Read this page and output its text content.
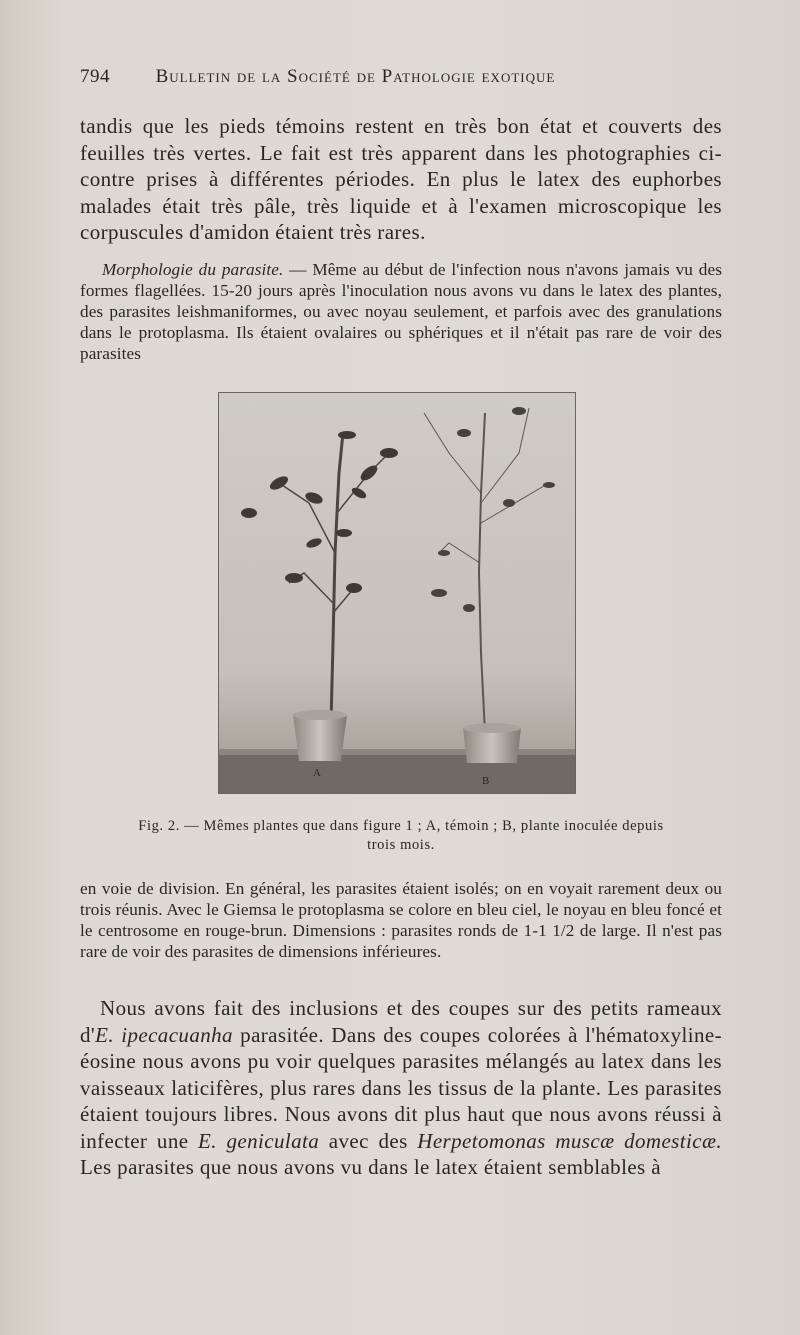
794 Bulletin de la Société de Pathologie exotique

tandis que les pieds témoins restent en très bon état et couverts des feuilles très vertes. Le fait est très apparent dans les photographies ci-contre prises à différentes périodes. En plus le latex des euphorbes malades était très pâle, très liquide et à l'examen microscopique les corpuscules d'amidon étaient très rares.

Morphologie du parasite. — Même au début de l'infection nous n'avons jamais vu des formes flagellées. 15-20 jours après l'inoculation nous avons vu dans le latex des plantes, des parasites leishmaniformes, ou avec noyau seulement, et parfois avec des granulations dans le protoplasma. Ils étaient ovalaires ou sphériques et il n'était pas rare de voir des parasites

A
B
Fig. 2. — Mêmes plantes que dans figure 1 ; A, témoin ; B, plante inoculée depuis
trois mois.

en voie de division. En général, les parasites étaient isolés; on en voyait rarement deux ou trois réunis. Avec le Giemsa le protoplasma se colore en bleu ciel, le noyau en bleu foncé et le centrosome en rouge-brun. Dimensions : parasites ronds de 1-1 1/2 de large. Il n'est pas rare de voir des parasites de dimensions inférieures.

Nous avons fait des inclusions et des coupes sur des petits rameaux d'E. ipecacuanha parasitée. Dans des coupes colorées à l'hématoxyline-éosine nous avons pu voir quelques parasites mélangés au latex dans les vaisseaux laticifères, plus rares dans les tissus de la plante. Les parasites étaient toujours libres. Nous avons dit plus haut que nous avons réussi à infecter une E. geniculata avec des Herpetomonas muscæ domesticæ. Les parasites que nous avons vu dans le latex étaient semblables à
